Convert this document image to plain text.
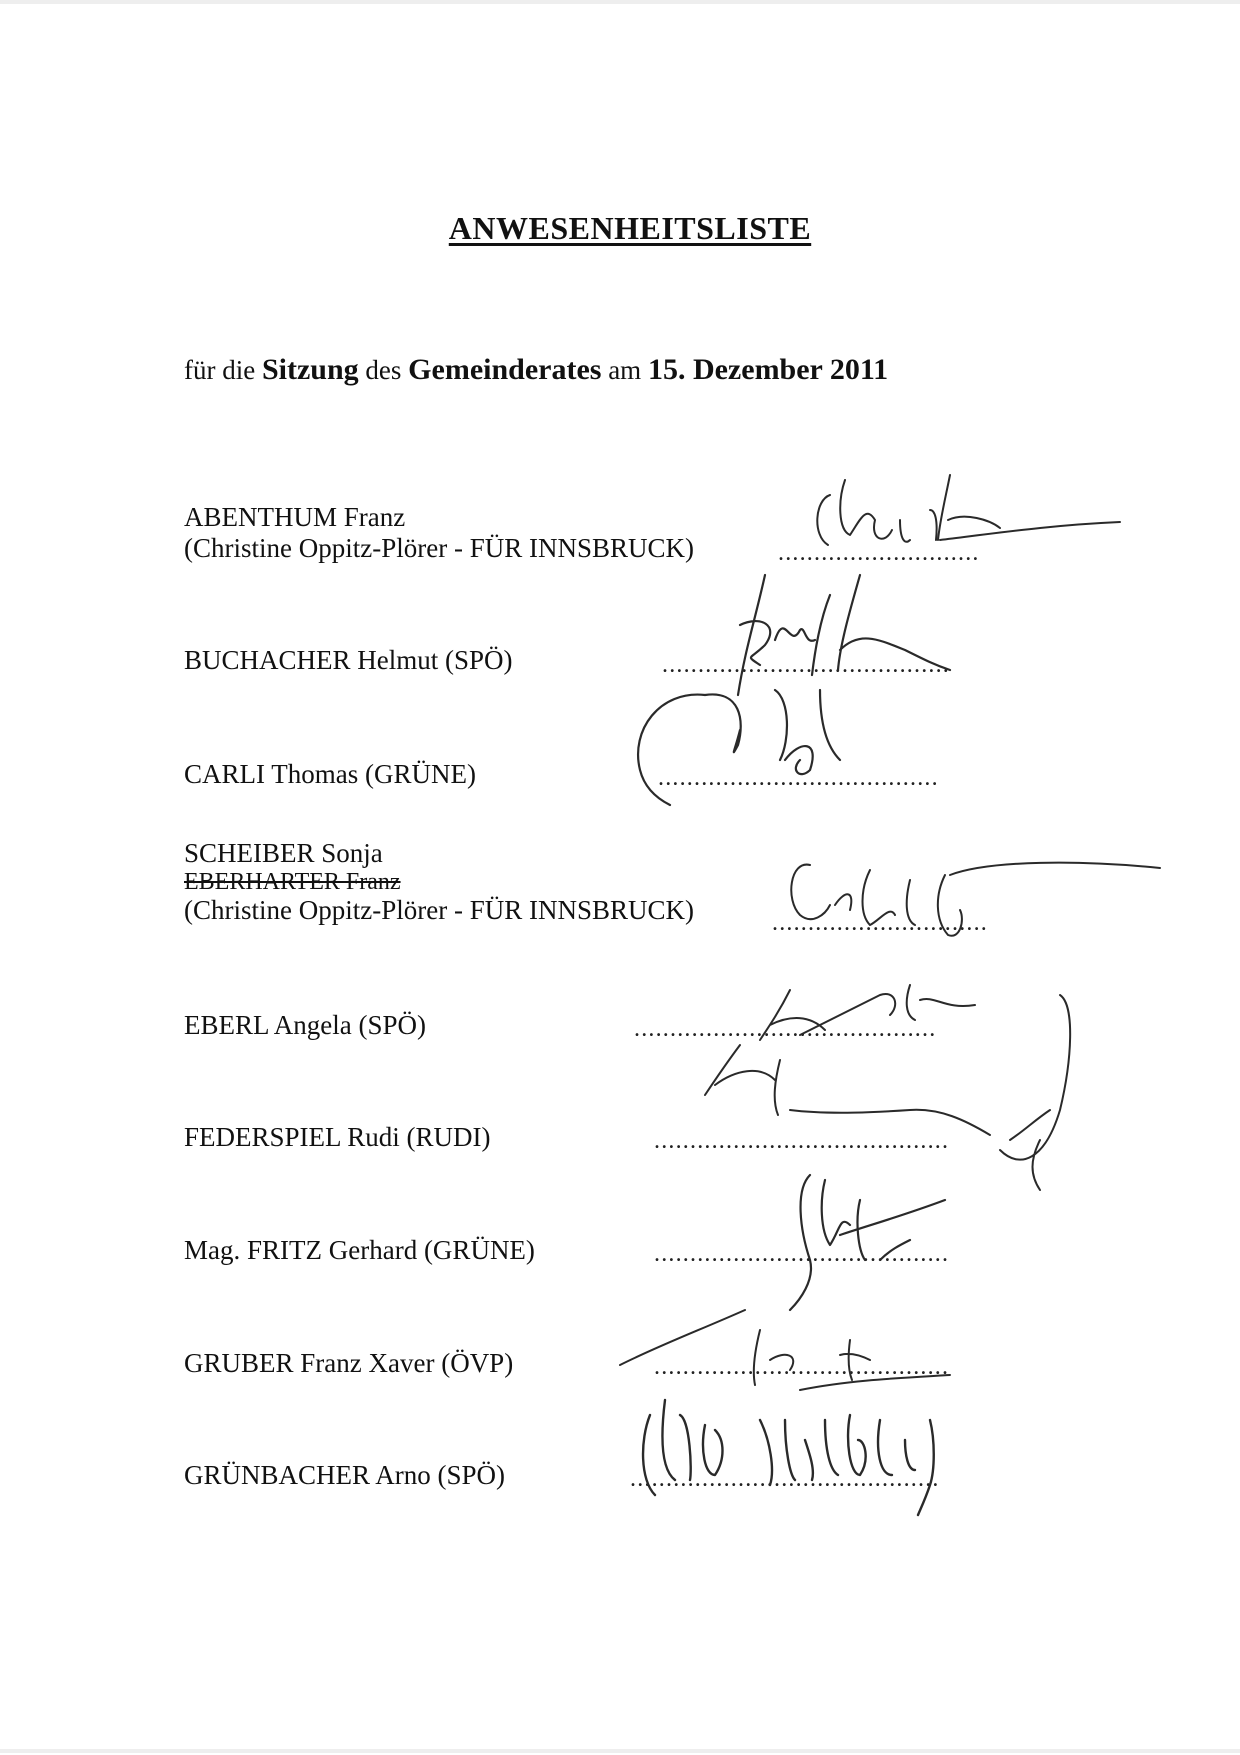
ANWESENHEITSLISTE
für die Sitzung des Gemeinderates am 15. Dezember 2011
ABENTHUM Franz
(Christine Oppitz-Plörer - FÜR INNSBRUCK)	............................
BUCHACHER Helmut (SPÖ)	........................................
CARLI Thomas (GRÜNE)	.......................................
SCHEIBER Sonja
EBERHARTER Franz
(Christine Oppitz-Plörer - FÜR INNSBRUCK)	..............................
EBERL Angela (SPÖ)	..........................................
FEDERSPIEL Rudi (RUDI)	.........................................
Mag. FRITZ Gerhard (GRÜNE)	.........................................
GRUBER Franz Xaver (ÖVP)	.........................................
GRÜNBACHER Arno (SPÖ)	...........................................
